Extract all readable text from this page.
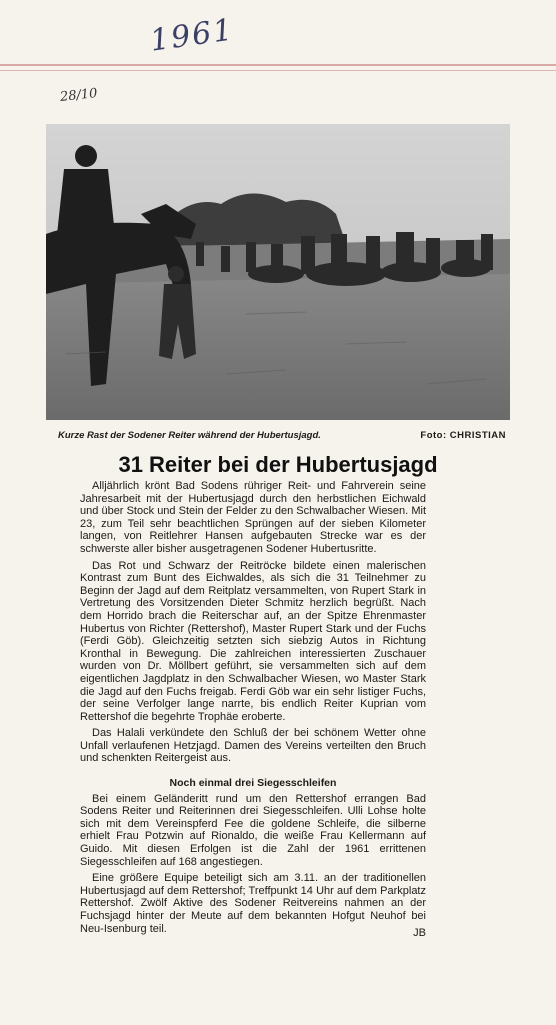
1961
28/10
Kurze Rast der Sodener Reiter während der Hubertusjagd.	Foto: CHRISTIAN
31 Reiter bei der Hubertusjagd

Alljährlich krönt Bad Sodens rühriger Reit- und Fahrverein seine Jahresarbeit mit der Hubertusjagd durch den herbstlichen Eichwald und über Stock und Stein der Felder zu den Schwalbacher Wiesen. Mit 23, zum Teil sehr beachtlichen Sprüngen auf der sieben Kilometer langen, von Reitlehrer Hansen aufgebauten Strecke war es der schwerste aller bisher ausgetragenen Sodener Hubertusritte.

Das Rot und Schwarz der Reitröcke bildete einen malerischen Kontrast zum Bunt des Eichwaldes, als sich die 31 Teilnehmer zu Beginn der Jagd auf dem Reitplatz versammelten, von Rupert Stark in Vertretung des Vorsitzenden Dieter Schmitz herzlich begrüßt. Nach dem Horrido brach die Reiterschar auf, an der Spitze Ehrenmaster Hubertus von Richter (Rettershof), Master Rupert Stark und der Fuchs (Ferdi Göb). Gleichzeitig setzten sich siebzig Autos in Richtung Kronthal in Bewegung. Die zahlreichen interessierten Zuschauer wurden von Dr. Möllbert geführt, sie versammelten sich auf dem eigentlichen Jagdplatz in den Schwalbacher Wiesen, wo Master Stark die Jagd auf den Fuchs freigab. Ferdi Göb war ein sehr listiger Fuchs, der seine Verfolger lange narrte, bis endlich Reiter Kuprian vom Rettershof die begehrte Trophäe eroberte.

Das Halali verkündete den Schluß der bei schönem Wetter ohne Unfall verlaufenen Hetzjagd. Damen des Vereins verteilten den Bruch und schenkten Reitergeist aus.

Noch einmal drei Siegesschleifen

Bei einem Geländeritt rund um den Rettershof errangen Bad Sodens Reiter und Reiterinnen drei Siegesschleifen. Ulli Lohse holte sich mit dem Vereinspferd Fee die goldene Schleife, die silberne erhielt Frau Potzwin auf Rionaldo, die weiße Frau Kellermann auf Guido. Mit diesen Erfolgen ist die Zahl der 1961 errittenen Siegesschleifen auf 168 angestiegen.

Eine größere Equipe beteiligt sich am 3.11. an der traditionellen Hubertusjagd auf dem Rettershof; Treffpunkt 14 Uhr auf dem Parkplatz Rettershof. Zwölf Aktive des Sodener Reitvereins nahmen an der Fuchsjagd hinter der Meute auf dem bekannten Hofgut Neuhof bei Neu-Isenburg teil.	JB
